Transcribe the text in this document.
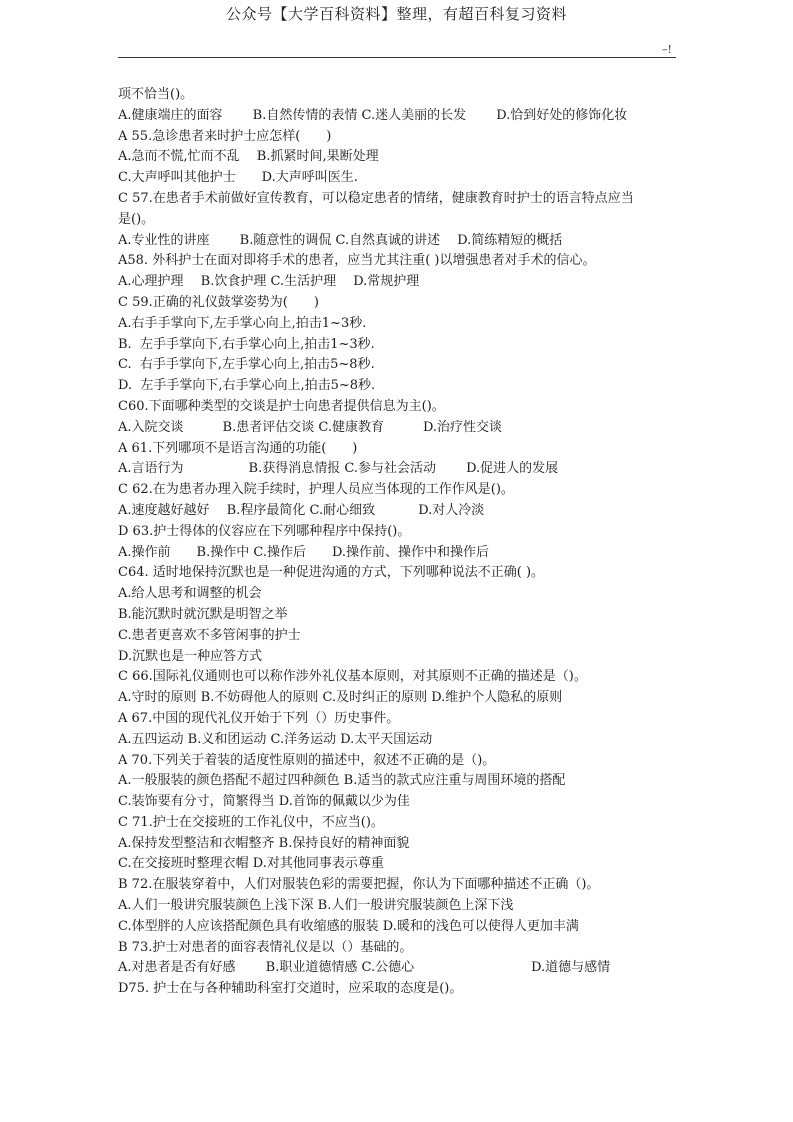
公众号【大学百科资料】整理，有超百科复习资料
–!
项不恰当()。
A.健康端庄的面容　　 B.自然传情的表情 C.迷人美丽的长发　　 D.恰到好处的修饰化妆
A 55.急诊患者来时护士应怎样(　　)
A.急而不慌,忙而不乱　 B.抓紧时间,果断处理
C.大声呼叫其他护士　　D.大声呼叫医生.
C 57.在患者手术前做好宣传教育，可以稳定患者的情绪，健康教育时护士的语言特点应当
是()。
A.专业性的讲座　　 B.随意性的调侃 C.自然真诚的讲述　 D.简练精短的概括
A58. 外科护士在面对即将手术的患者，应当尤其注重( )以增强患者对手术的信心。
A.心理护理　 B.饮食护理 C.生活护理　 D.常规护理
C 59.正确的礼仪鼓掌姿势为(　　)
A.右手手掌向下,左手掌心向上,拍击1~3秒.
B.  左手手掌向下,右手掌心向上,拍击1~3秒.
C.  右手手掌向下,左手掌心向上,拍击5~8秒.
D.  左手手掌向下,右手掌心向上,拍击5~8秒.
C60.下面哪种类型的交谈是护士向患者提供信息为主()。
A.入院交谈　　　B.患者评估交谈 C.健康教育　　　D.治疗性交谈
A 61.下列哪项不是语言沟通的功能(　　)
A.言语行为　　　　　B.获得消息情报 C.参与社会活动　　 D.促进人的发展
C 62.在为患者办理入院手续时，护理人员应当体现的工作作风是()。
A.速度越好越好　 B.程序最简化 C.耐心细致　　　 D.对人冷淡
D 63.护士得体的仪容应在下列哪种程序中保持()。
A.操作前　　B.操作中 C.操作后　　D.操作前、操作中和操作后
C64. 适时地保持沉默也是一种促进沟通的方式，下列哪种说法不正确( )。
A.给人思考和调整的机会
B.能沉默时就沉默是明智之举
C.患者更喜欢不多管闲事的护士
D.沉默也是一种应答方式
C 66.国际礼仪通则也可以称作涉外礼仪基本原则，对其原则不正确的描述是（)。
A.守时的原则 B.不妨碍他人的原则 C.及时纠正的原则 D.维护个人隐私的原则
A 67.中国的现代礼仪开始于下列（）历史事件。
A.五四运动 B.义和团运动 C.洋务运动 D.太平天国运动
A 70.下列关于着装的适度性原则的描述中，叙述不正确的是（)。
A.一般服装的颜色搭配不超过四种颜色 B.适当的款式应注重与周围环境的搭配
C.装饰要有分寸，简繁得当 D.首饰的佩戴以少为佳
C 71.护士在交接班的工作礼仪中，不应当()。
A.保持发型整洁和衣帽整齐 B.保持良好的精神面貌
C.在交接班时整理衣帽 D.对其他同事表示尊重
B 72.在服装穿着中，人们对服装色彩的需要把握，你认为下面哪种描述不正确（)。
A.人们一般讲究服装颜色上浅下深 B.人们一般讲究服装颜色上深下浅
C.体型胖的人应该搭配颜色具有收缩感的服装 D.暖和的浅色可以使得人更加丰满
B 73.护士对患者的面容表情礼仪是以（）基础的。
A.对患者是否有好感　　 B.职业道德情感 C.公德心　　　　　　　　　D.道德与感情
D75. 护士在与各种辅助科室打交道时，应采取的态度是()。
